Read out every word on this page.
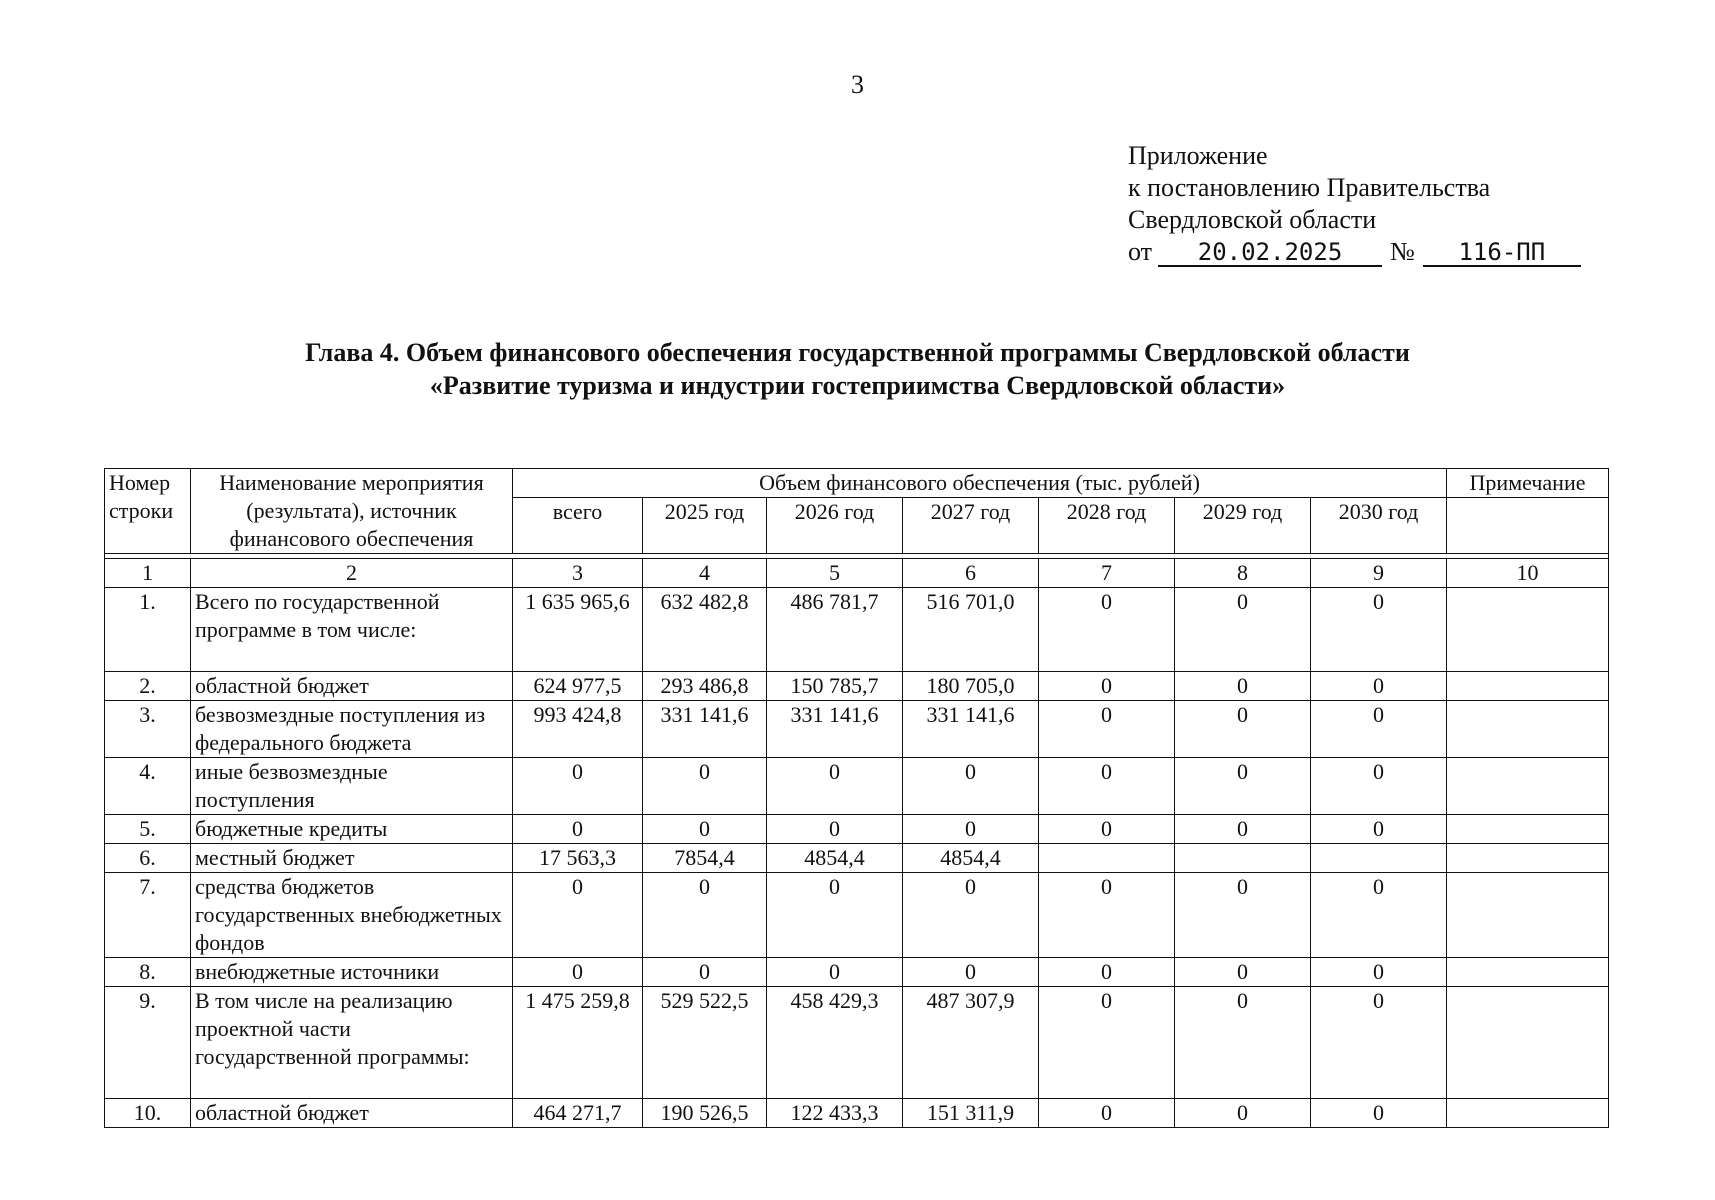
3
Приложение
к постановлению Правительства
Свердловской области
от 20.02.2025 № 116-ПП
Глава 4. Объем финансового обеспечения государственной программы Свердловской области
«Развитие туризма и индустрии гостеприимства Свердловской области»
Номер строки	Наименование мероприятия (результата), источник финансового обеспечения	Объем финансового обеспечения (тыс. рублей)							Примечание
		всего	2025 год	2026 год	2027 год	2028 год	2029 год	2030 год	

1	2	3	4	5	6	7	8	9	10
1.	Всего по государственной программе в том числе:	1 635 965,6	632 482,8	486 781,7	516 701,0	0	0	0	
2.	областной бюджет	624 977,5	293 486,8	150 785,7	180 705,0	0	0	0	
3.	безвозмездные поступления из федерального бюджета	993 424,8	331 141,6	331 141,6	331 141,6	0	0	0	
4.	иные безвозмездные поступления	0	0	0	0	0	0	0	
5.	бюджетные кредиты	0	0	0	0	0	0	0	
6.	местный бюджет	17 563,3	7854,4	4854,4	4854,4				
7.	средства бюджетов государственных внебюджетных фондов	0	0	0	0	0	0	0	
8.	внебюджетные источники	0	0	0	0	0	0	0	
9.	В том числе на реализацию проектной части государственной программы:	1 475 259,8	529 522,5	458 429,3	487 307,9	0	0	0	
10.	областной бюджет	464 271,7	190 526,5	122 433,3	151 311,9	0	0	0	
